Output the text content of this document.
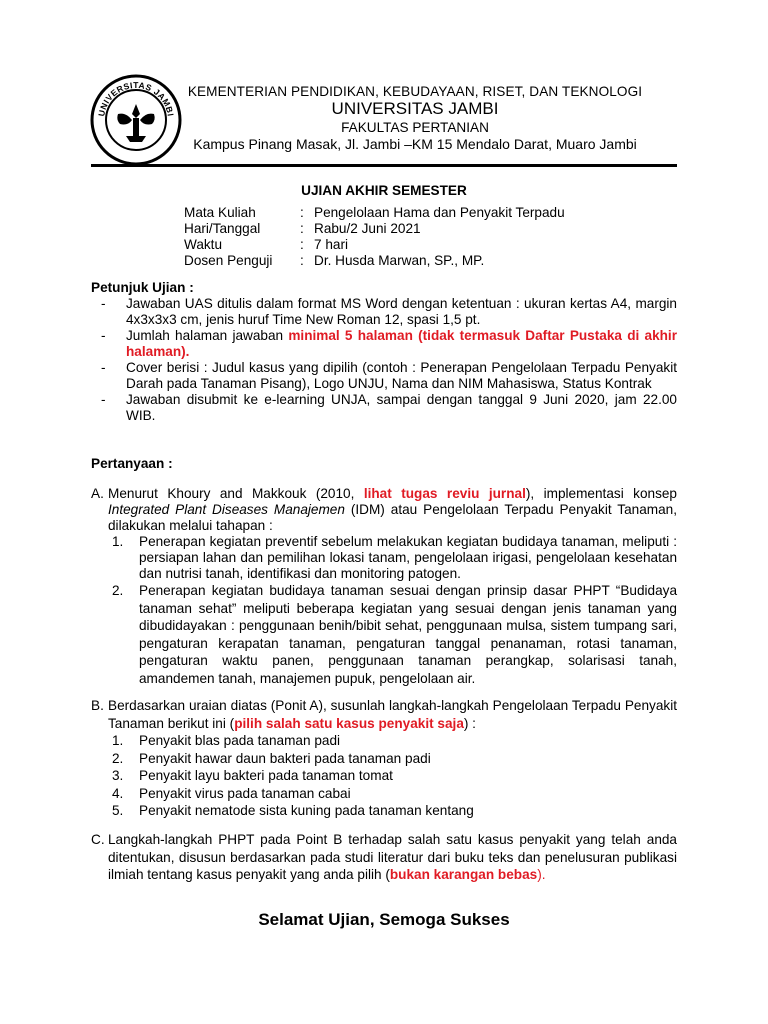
UNIVERSITAS JAMBI
KEMENTERIAN PENDIDIKAN, KEBUDAYAAN, RISET, DAN TEKNOLOGI
UNIVERSITAS JAMBI
FAKULTAS PERTANIAN
Kampus Pinang Masak, Jl. Jambi –KM 15 Mendalo Darat, Muaro Jambi
UJIAN AKHIR SEMESTER
Mata Kuliah	: Pengelolaan Hama dan Penyakit Terpadu
Hari/Tanggal	: Rabu/2 Juni 2021
Waktu	: 7 hari
Dosen Penguji	: Dr. Husda Marwan, SP., MP.
Petunjuk Ujian :
- Jawaban UAS ditulis dalam format MS Word dengan ketentuan : ukuran kertas A4, margin 4x3x3x3 cm, jenis huruf Time New Roman 12, spasi 1,5 pt.
- Jumlah halaman jawaban minimal 5 halaman (tidak termasuk Daftar Pustaka di akhir halaman).
- Cover berisi : Judul kasus yang dipilih (contoh : Penerapan Pengelolaan Terpadu Penyakit Darah pada Tanaman Pisang), Logo UNJU, Nama dan NIM Mahasiswa, Status Kontrak
- Jawaban disubmit ke e-learning UNJA, sampai dengan tanggal 9 Juni 2020, jam 22.00 WIB.
Pertanyaan :
A. Menurut Khoury and Makkouk (2010, lihat tugas reviu jurnal), implementasi konsep Integrated Plant Diseases Manajemen (IDM) atau Pengelolaan Terpadu Penyakit Tanaman, dilakukan melalui tahapan :
1. Penerapan kegiatan preventif sebelum melakukan kegiatan budidaya tanaman, meliputi : persiapan lahan dan pemilihan lokasi tanam, pengelolaan irigasi, pengelolaan kesehatan dan nutrisi tanah, identifikasi dan monitoring patogen.
2. Penerapan kegiatan budidaya tanaman sesuai dengan prinsip dasar PHPT “Budidaya tanaman sehat” meliputi beberapa kegiatan yang sesuai dengan jenis tanaman yang dibudidayakan : penggunaan benih/bibit sehat, penggunaan mulsa, sistem tumpang sari, pengaturan kerapatan tanaman, pengaturan tanggal penanaman, rotasi tanaman, pengaturan waktu panen, penggunaan tanaman perangkap, solarisasi tanah, amandemen tanah, manajemen pupuk, pengelolaan air.
B. Berdasarkan uraian diatas (Ponit A), susunlah langkah-langkah Pengelolaan Terpadu Penyakit Tanaman berikut ini (pilih salah satu kasus penyakit saja) :
1. Penyakit blas pada tanaman padi
2. Penyakit hawar daun bakteri pada tanaman padi
3. Penyakit layu bakteri pada tanaman tomat
4. Penyakit virus pada tanaman cabai
5. Penyakit nematode sista kuning pada tanaman kentang
C. Langkah-langkah PHPT pada Point B terhadap salah satu kasus penyakit yang telah anda ditentukan, disusun berdasarkan pada studi literatur dari buku teks dan penelusuran publikasi ilmiah tentang kasus penyakit yang anda pilih (bukan karangan bebas).
Selamat Ujian, Semoga Sukses
